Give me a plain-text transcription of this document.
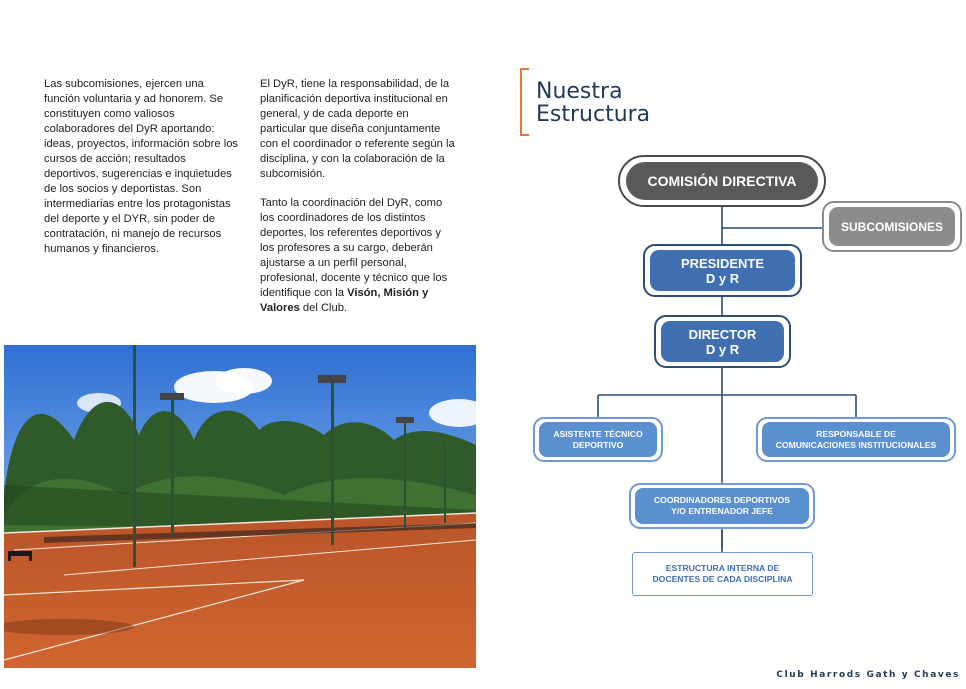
Las subcomisiones, ejercen una función voluntaria y ad honorem. Se constituyen como valiosos colaboradores del DyR aportando: ideas, proyectos, información sobre los cursos de acción; resultados deportivos, sugerencias e inquietudes de los socios y deportistas. Son intermediarias entre los protagonistas del deporte y el DYR, sin poder de contratación, ni manejo de recursos humanos y financieros.

El DyR, tiene la responsabilidad, de la planificación deportiva institucional en general, y de cada deporte en particular que diseña conjuntamente con el coordinador o referente según la disciplina, y con la colaboración de la subcomisión.

Tanto la coordinación del DyR, como los coordinadores de los distintos deportes, los referentes deportivos y los profesores a su cargo, deberán ajustarse a un perfil personal, profesional, docente y técnico que los identifique con la Visón, Misión y Valores del Club.

Nuestra
Estructura
COMISIÓN DIRECTIVA
SUBCOMISIONES
PRESIDENTE
D y R
DIRECTOR
D y R
ASISTENTE TÉCNICO
DEPORTIVO
RESPONSABLE DE
COMUNICACIONES INSTITUCIONALES
COORDINADORES DEPORTIVOS
Y/O ENTRENADOR JEFE
ESTRUCTURA INTERNA DE
DOCENTES DE CADA DISCIPLINA
Club Harrods Gath y Chaves
